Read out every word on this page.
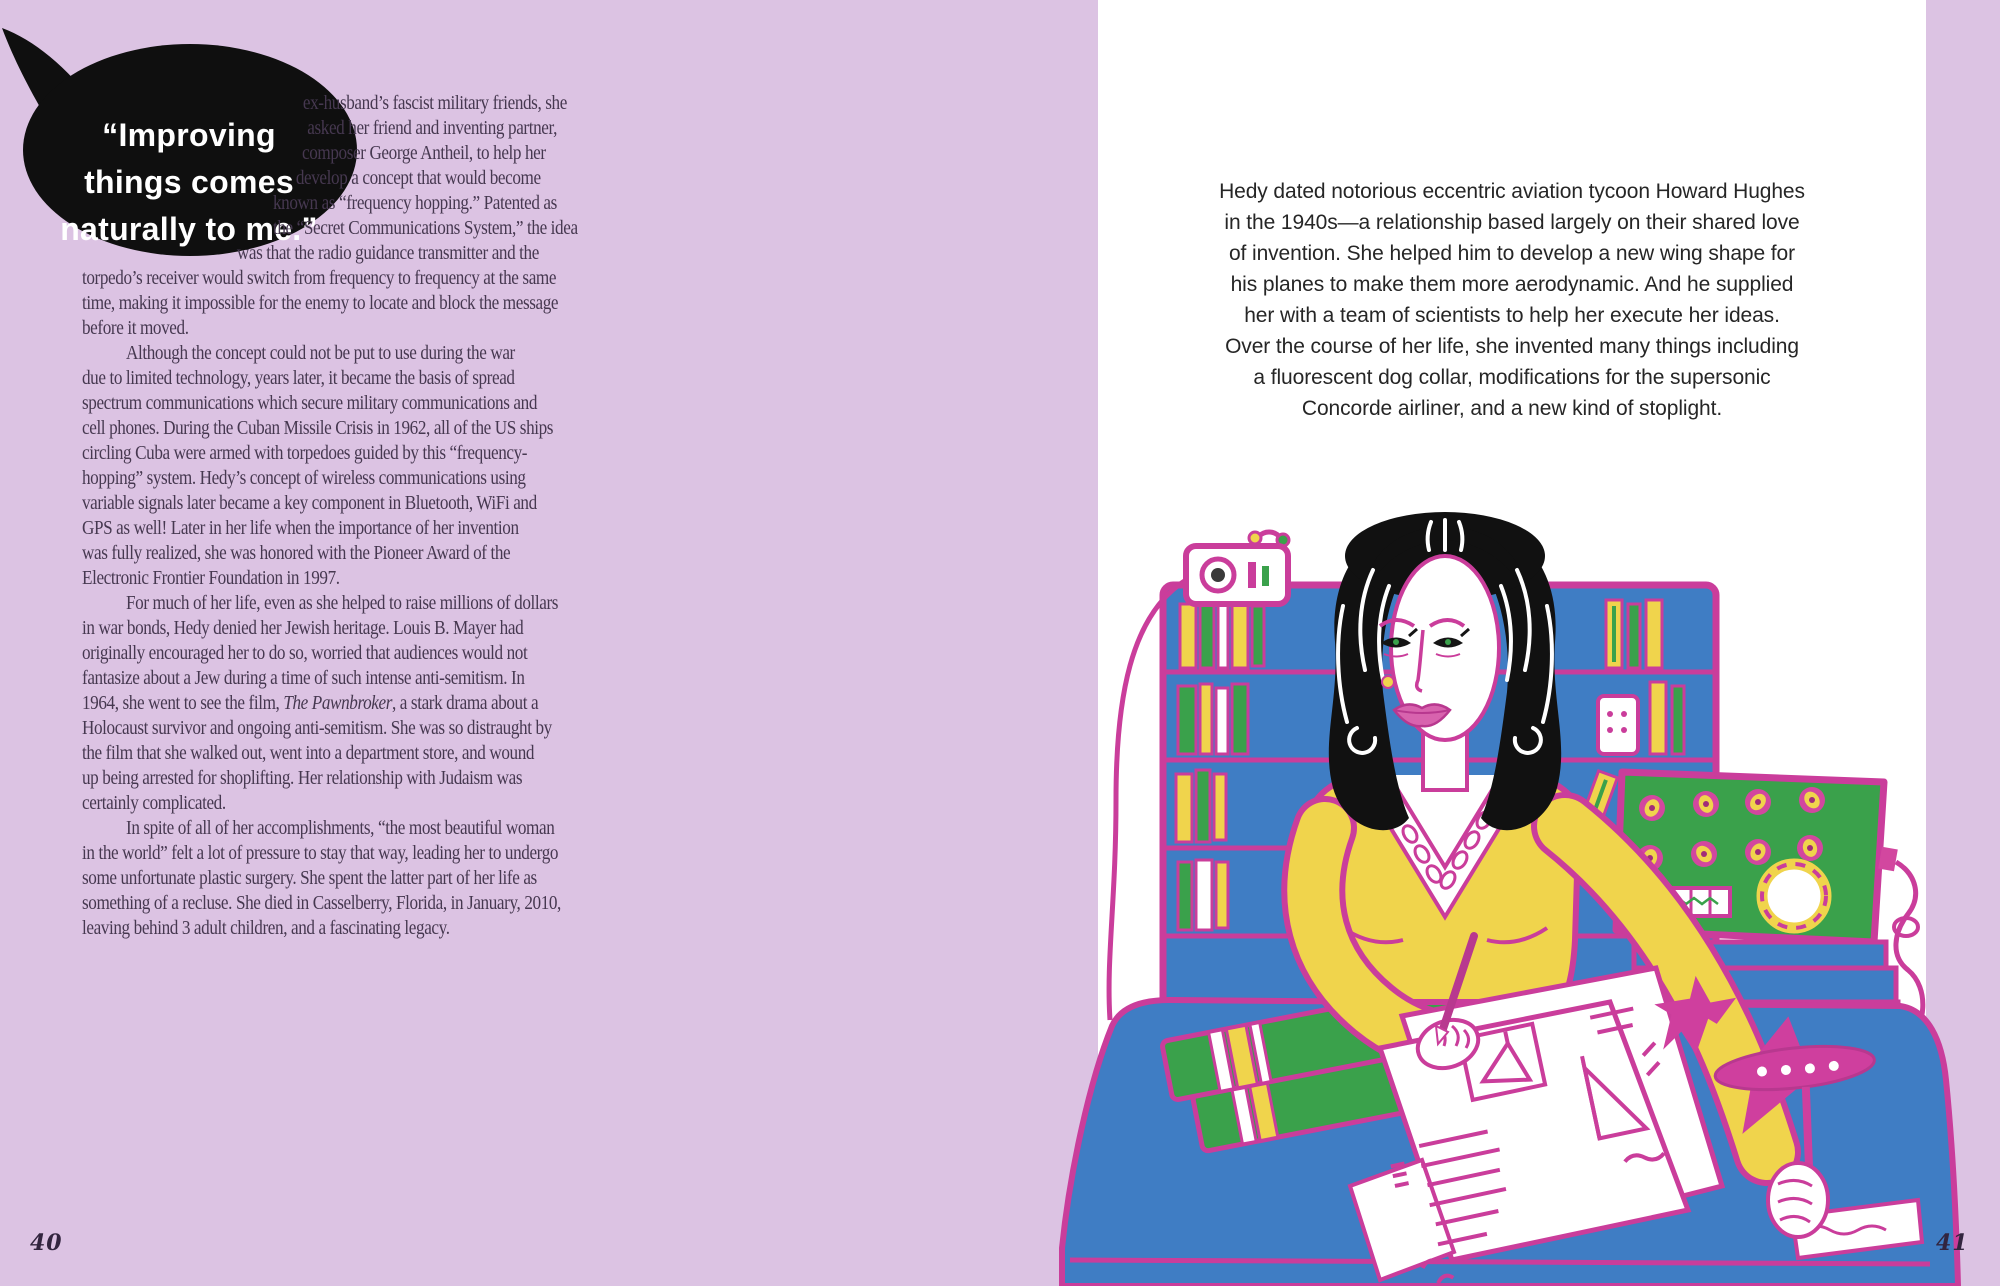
“Improving
things comes
naturally to me.”
ex-husband’s fascist military friends, she
asked her friend and inventing partner,
composer George Antheil, to help her
develop a concept that would become
known as “frequency hopping.” Patented as
the “Secret Communications System,” the idea
was that the radio guidance transmitter and the
torpedo’s receiver would switch from frequency to frequency at the same
time, making it impossible for the enemy to locate and block the message
before it moved.
Although the concept could not be put to use during the war
due to limited technology, years later, it became the basis of spread
spectrum communications which secure military communications and
cell phones. During the Cuban Missile Crisis in 1962, all of the US ships
circling Cuba were armed with torpedoes guided by this “frequency-
hopping” system. Hedy’s concept of wireless communications using
variable signals later became a key component in Bluetooth, WiFi and
GPS as well! Later in her life when the importance of her invention
was fully realized, she was honored with the Pioneer Award of the
Electronic Frontier Foundation in 1997.
For much of her life, even as she helped to raise millions of dollars
in war bonds, Hedy denied her Jewish heritage. Louis B. Mayer had
originally encouraged her to do so, worried that audiences would not
fantasize about a Jew during a time of such intense anti-semitism. In
1964, she went to see the film, The Pawnbroker, a stark drama about a
Holocaust survivor and ongoing anti-semitism. She was so distraught by
the film that she walked out, went into a department store, and wound
up being arrested for shoplifting. Her relationship with Judaism was
certainly complicated.
In spite of all of her accomplishments, “the most beautiful woman
in the world” felt a lot of pressure to stay that way, leading her to undergo
some unfortunate plastic surgery. She spent the latter part of her life as
something of a recluse. She died in Casselberry, Florida, in January, 2010,
leaving behind 3 adult children, and a fascinating legacy.
Hedy dated notorious eccentric aviation tycoon Howard Hughes
in the 1940s—a relationship based largely on their shared love
of invention. She helped him to develop a new wing shape for
his planes to make them more aerodynamic. And he supplied
her with a team of scientists to help her execute her ideas.
Over the course of her life, she invented many things including
a fluorescent dog collar, modifications for the supersonic
Concorde airliner, and a new kind of stoplight.
40	41
